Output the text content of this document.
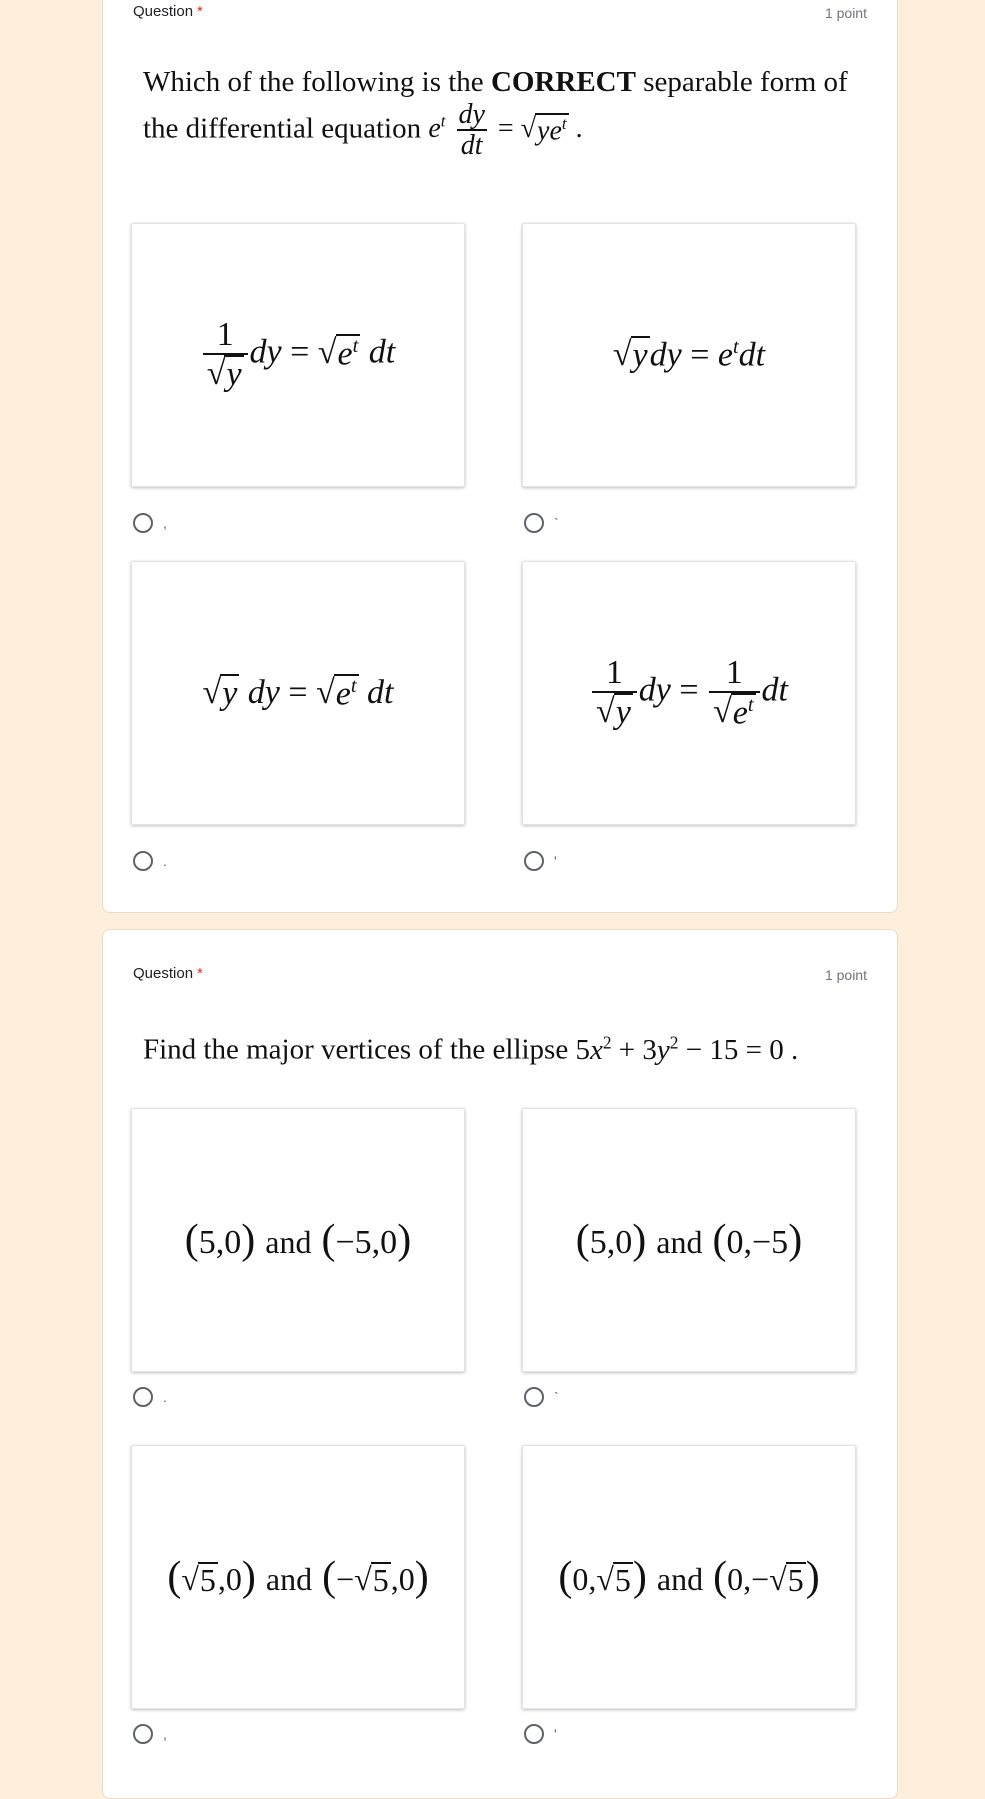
Question *	1 point
Which of the following is the CORRECT separable form of the differential equation $e^t \frac{dy}{dt}$ = √ $ye^t$ .
$\frac{1}{√ y}$ dy = √ $e^t$ dt
,
√ y dy = $e^tdt$
`
√ y dy = √ $e^t$ dt
.
$\frac{1}{√ y}$ dy = $\frac{1}{√ e^t}$ dt
'
Question *	1 point
Find the major vertices of the ellipse $5x^2 + 3y^2 - 15 = 0$ .
(5,0) and (−5,0)
.
(5,0) and (0,−5)
`
( √ 5 ,0) and (− √ 5 ,0)
,
(0, √ 5 ) and (0,− √ 5 )
'
